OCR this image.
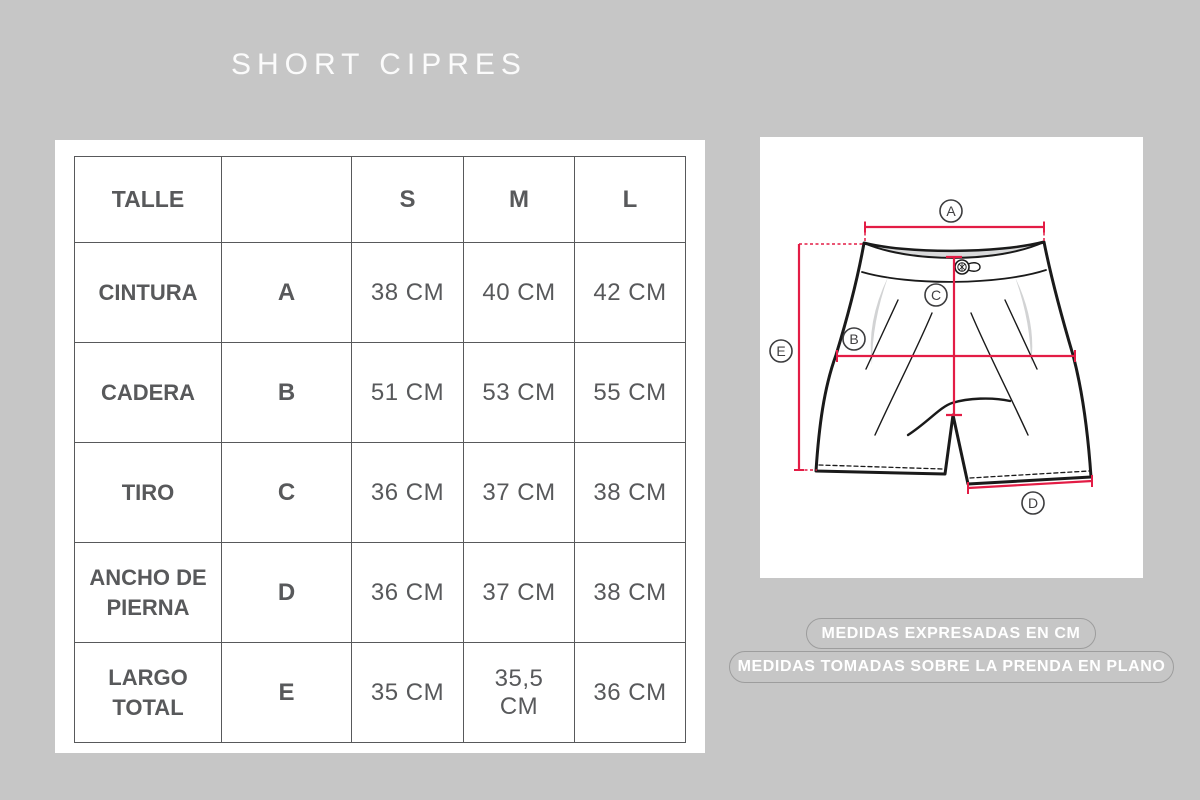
SHORT CIPRES
TALLE		S	M	L
CINTURA	A	38 CM	40 CM	42 CM
CADERA	B	51 CM	53 CM	55 CM
TIRO	C	36 CM	37 CM	38 CM
ANCHO DE PIERNA	D	36 CM	37 CM	38 CM
LARGO TOTAL	E	35 CM	35,5 CM	36 CM
A
E
C
B
D
MEDIDAS EXPRESADAS EN CM
MEDIDAS TOMADAS SOBRE LA PRENDA EN PLANO
